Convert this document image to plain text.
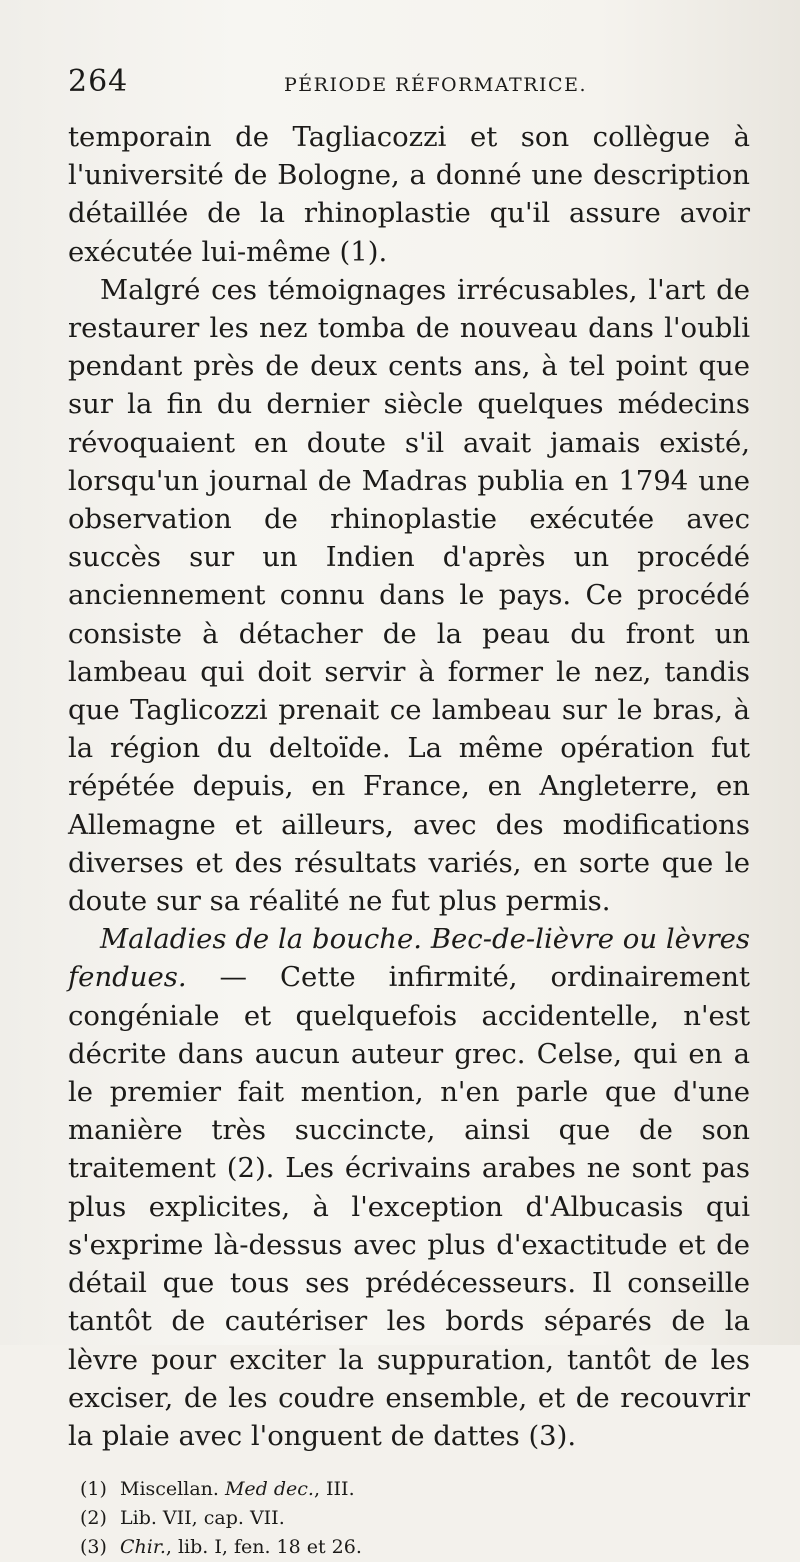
264	PÉRIODE RÉFORMATRICE.

temporain de Tagliacozzi et son collègue à l'université de Bologne, a donné une description détaillée de la rhinoplastie qu'il assure avoir exécutée lui-même (1).

Malgré ces témoignages irrécusables, l'art de restaurer les nez tomba de nouveau dans l'oubli pendant près de deux cents ans, à tel point que sur la fin du dernier siècle quelques médecins révoquaient en doute s'il avait jamais existé, lorsqu'un journal de Madras publia en 1794 une observation de rhinoplastie exécutée avec succès sur un Indien d'après un procédé anciennement connu dans le pays. Ce procédé consiste à détacher de la peau du front un lambeau qui doit servir à former le nez, tandis que Taglicozzi prenait ce lambeau sur le bras, à la région du deltoïde. La même opération fut répétée depuis, en France, en Angleterre, en Allemagne et ailleurs, avec des modifications diverses et des résultats variés, en sorte que le doute sur sa réalité ne fut plus permis.

Maladies de la bouche. Bec-de-lièvre ou lèvres fendues. — Cette infirmité, ordinairement congéniale et quelquefois accidentelle, n'est décrite dans aucun auteur grec. Celse, qui en a le premier fait mention, n'en parle que d'une manière très succincte, ainsi que de son traitement (2). Les écrivains arabes ne sont pas plus explicites, à l'exception d'Albucasis qui s'exprime là-dessus avec plus d'exactitude et de détail que tous ses prédécesseurs. Il conseille tantôt de cautériser les bords séparés de la lèvre pour exciter la suppuration, tantôt de les exciser, de les coudre ensemble, et de recouvrir la plaie avec l'onguent de dattes (3).

(1) Miscellan. Med dec., III.
(2) Lib. VII, cap. VII.
(3) Chir., lib. I, fen. 18 et 26.
